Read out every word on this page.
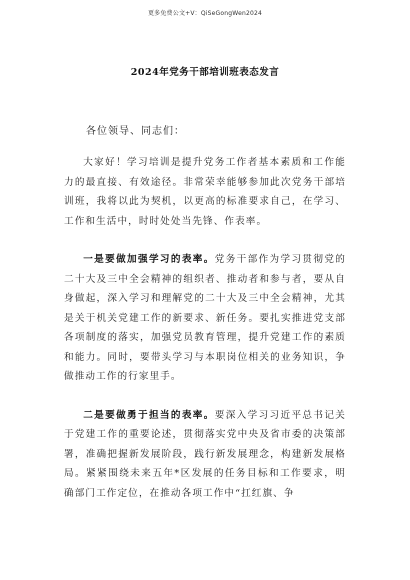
更多免费公文+V：QiSeGongWen2024
2024年党务干部培训班表态发言
各位领导、同志们：

大家好！学习培训是提升党务工作者基本素质和工作能力的最直接、有效途径。非常荣幸能够参加此次党务干部培训班，我将以此为契机，以更高的标准要求自己，在学习、工作和生活中，时时处处当先锋、作表率。

一是要做加强学习的表率。党务干部作为学习贯彻党的二十大及三中全会精神的组织者、推动者和参与者，要从自身做起，深入学习和理解党的二十大及三中全会精神，尤其是关于机关党建工作的新要求、新任务。要扎实推进党支部各项制度的落实，加强党员教育管理，提升党建工作的素质和能力。同时，要带头学习与本职岗位相关的业务知识，争做推动工作的行家里手。

二是要做勇于担当的表率。要深入学习习近平总书记关于党建工作的重要论述，贯彻落实党中央及省市委的决策部署，准确把握新发展阶段，践行新发展理念，构建新发展格局。紧紧围绕未来五年*区发展的任务目标和工作要求，明确部门工作定位，在推动各项工作中“扛红旗、争
